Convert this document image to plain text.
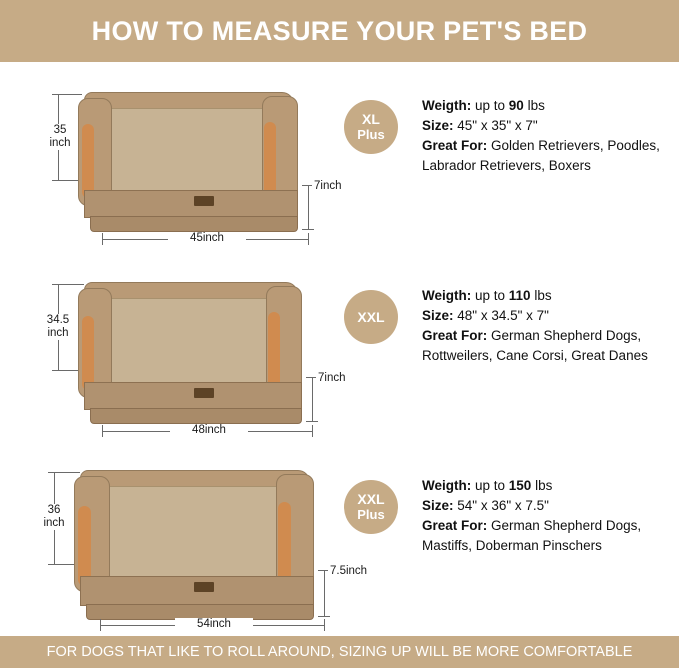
HOW TO MEASURE YOUR PET'S BED
35
inch
7inch
45inch
XL
Plus
Weigth: up to 90 lbs
Size: 45" x 35" x 7"
Great For: Golden Retrievers, Poodles, Labrador Retrievers, Boxers
34.5
inch
7inch
48inch
XXL
Weigth: up to 110 lbs
Size: 48" x 34.5" x 7"
Great For: German Shepherd Dogs, Rottweilers, Cane Corsi, Great Danes
36
inch
7.5inch
54inch
XXL
Plus
Weigth: up to 150 lbs
Size: 54" x 36" x 7.5"
Great For: German Shepherd Dogs, Mastiffs, Doberman Pinschers
FOR DOGS THAT LIKE TO ROLL AROUND, SIZING UP WILL BE MORE COMFORTABLE
